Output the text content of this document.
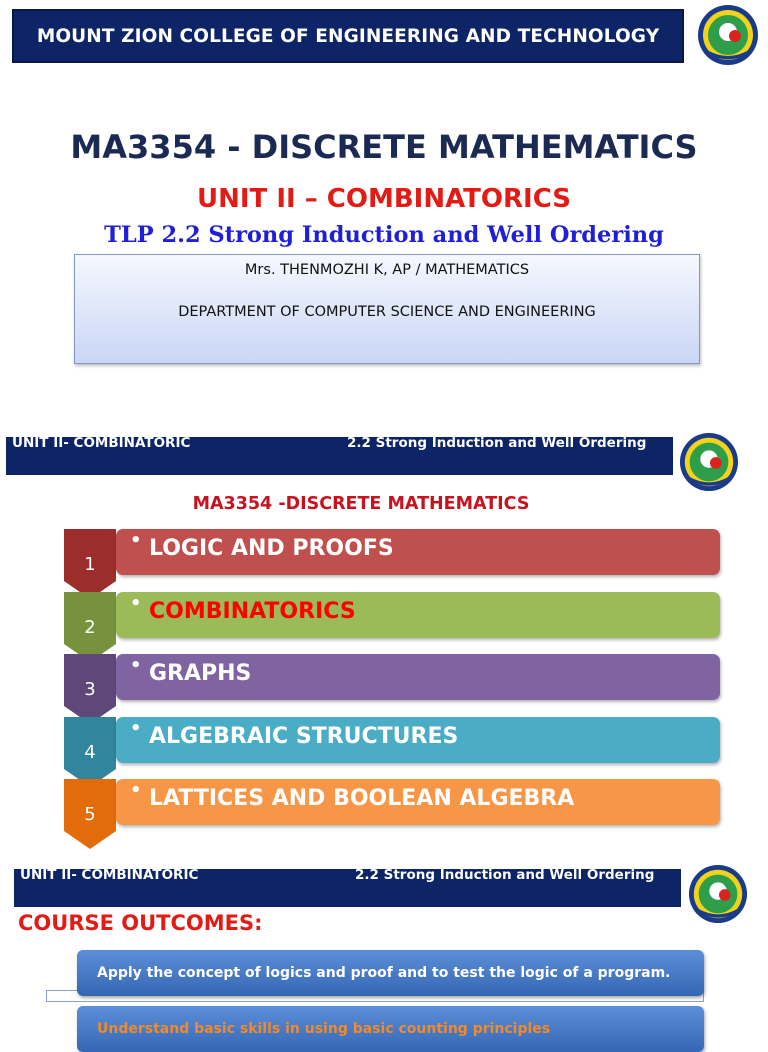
MOUNT ZION COLLEGE OF ENGINEERING AND TECHNOLOGY
MA3354 - DISCRETE MATHEMATICS
UNIT II – COMBINATORICS
TLP 2.2 Strong Induction and Well Ordering
Mrs. THENMOZHI K, AP / MATHEMATICS
DEPARTMENT OF COMPUTER SCIENCE AND ENGINEERING
UNIT II- COMBINATORIC	2.2 Strong Induction and Well Ordering
MA3354 -DISCRETE MATHEMATICS
1
• LOGIC AND PROOFS
2
• COMBINATORICS
3
• GRAPHS
4
• ALGEBRAIC STRUCTURES
5
• LATTICES AND BOOLEAN ALGEBRA
UNIT II- COMBINATORIC	2.2 Strong Induction and Well Ordering
COURSE OUTCOMES:
Apply the concept of logics and proof and to test the logic of a program.
Understand basic skills in using basic counting principles
